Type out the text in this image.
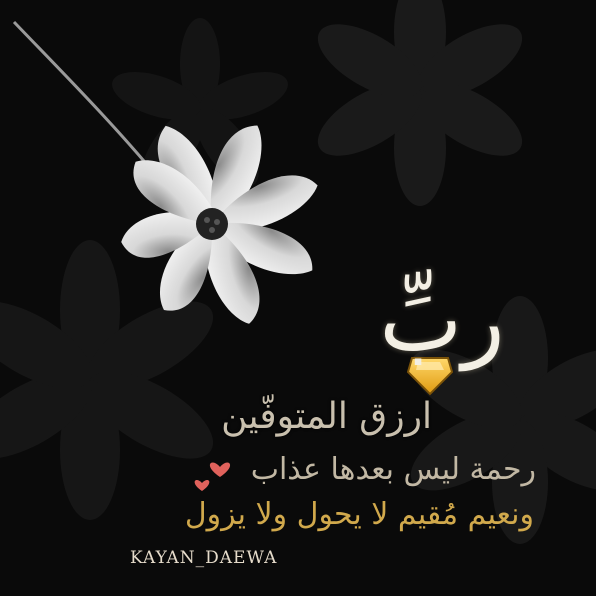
ربِّ
ارزق المتوفّين
رحمة ليس بعدها عذاب
ونعيم مُقيم لا يحول ولا يزول
KAYAN_DAEWA
